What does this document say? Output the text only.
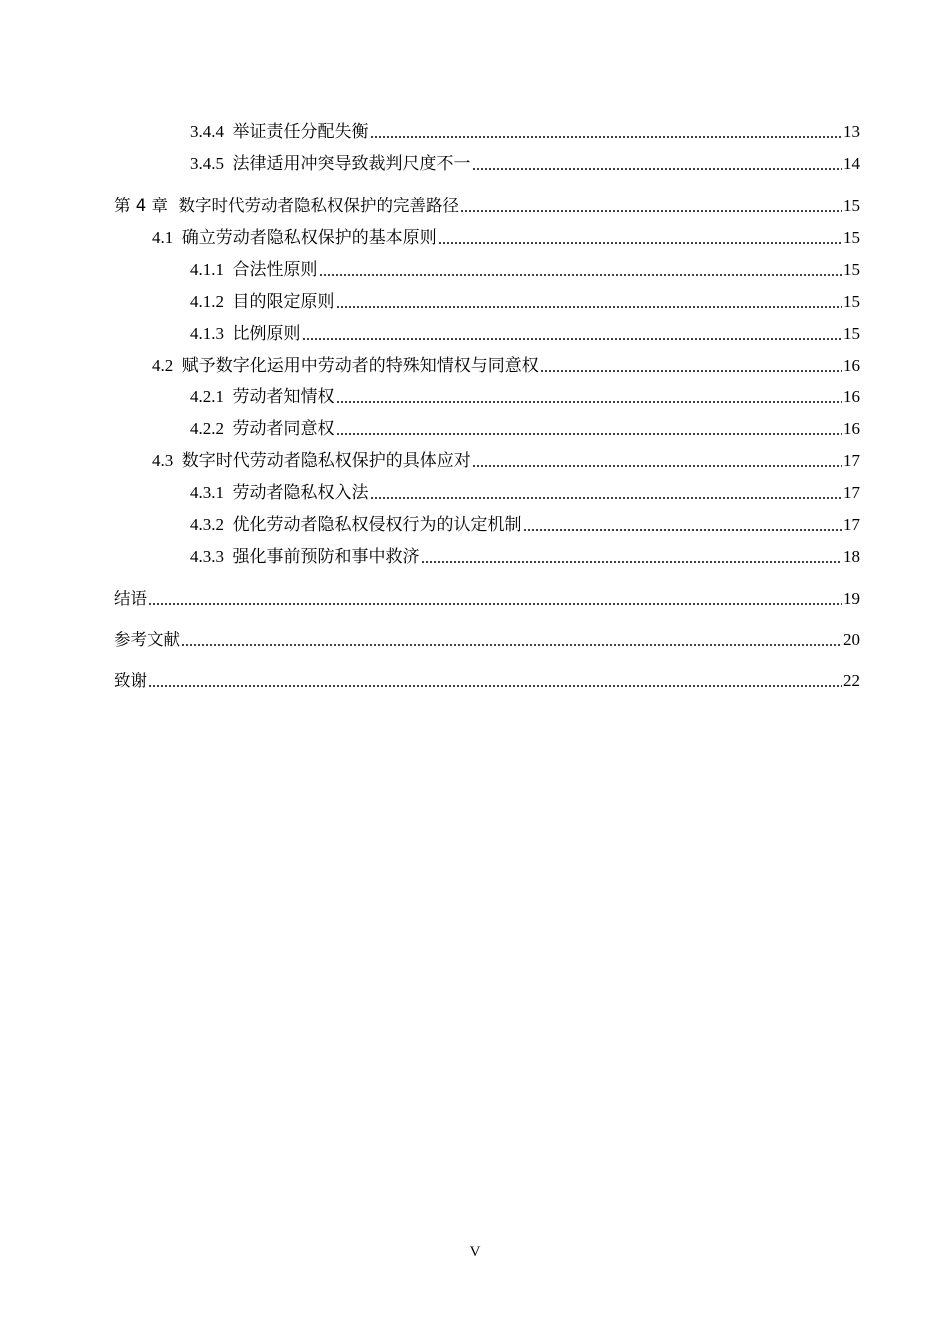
3.4.4  举证责任分配失衡	13
3.4.5  法律适用冲突导致裁判尺度不一	14
第 4 章  数字时代劳动者隐私权保护的完善路径	15
4.1  确立劳动者隐私权保护的基本原则	15
4.1.1  合法性原则	15
4.1.2  目的限定原则	15
4.1.3  比例原则	15
4.2  赋予数字化运用中劳动者的特殊知情权与同意权	16
4.2.1  劳动者知情权	16
4.2.2  劳动者同意权	16
4.3  数字时代劳动者隐私权保护的具体应对	17
4.3.1  劳动者隐私权入法	17
4.3.2  优化劳动者隐私权侵权行为的认定机制	17
4.3.3  强化事前预防和事中救济	18
结语	19
参考文献	20
致谢	22
V
